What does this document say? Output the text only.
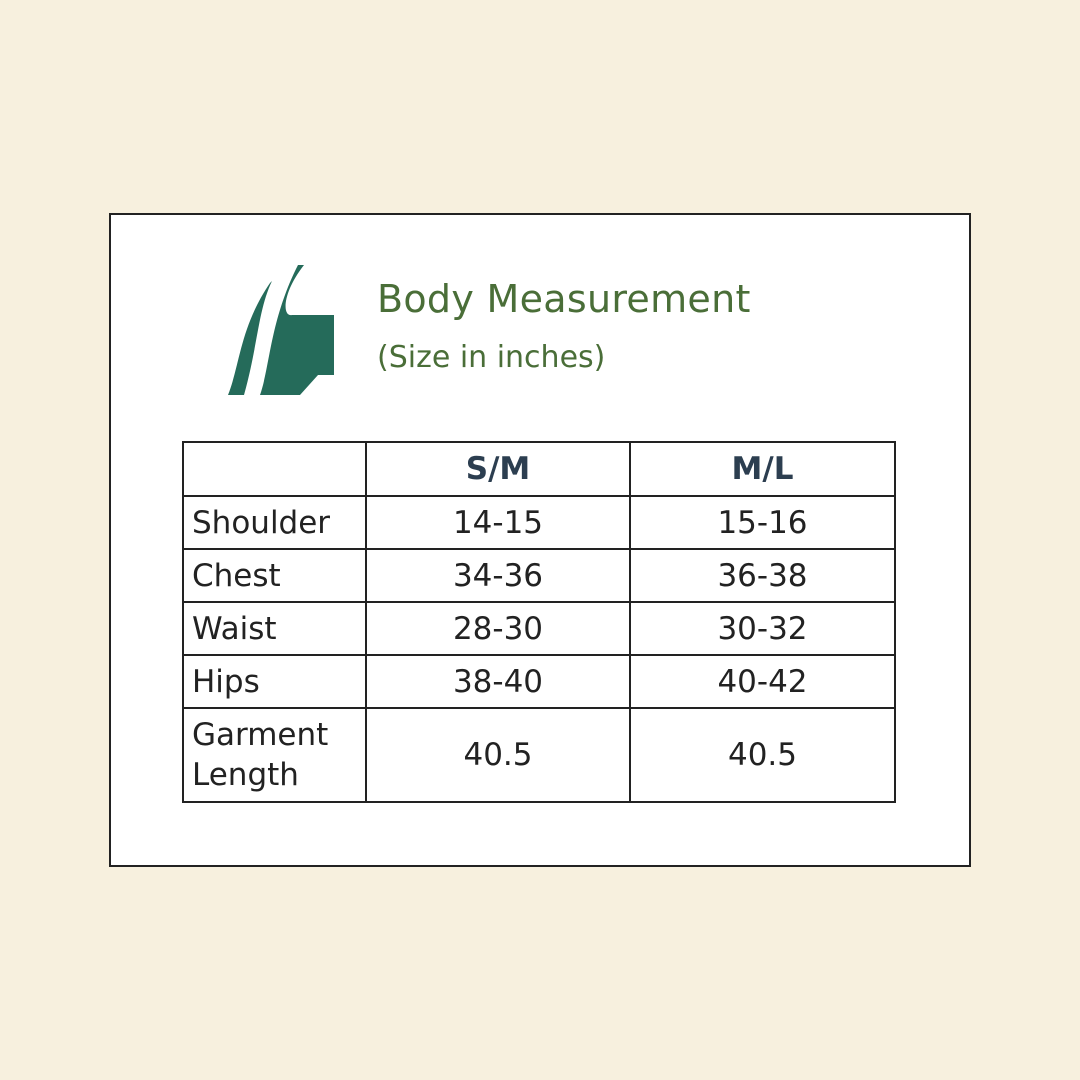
Body Measurement
(Size in inches)
	S/M	M/L
Shoulder	14-15	15-16
Chest	34-36	36-38
Waist	28-30	30-32
Hips	38-40	40-42

Garment
Length	40.5	40.5
